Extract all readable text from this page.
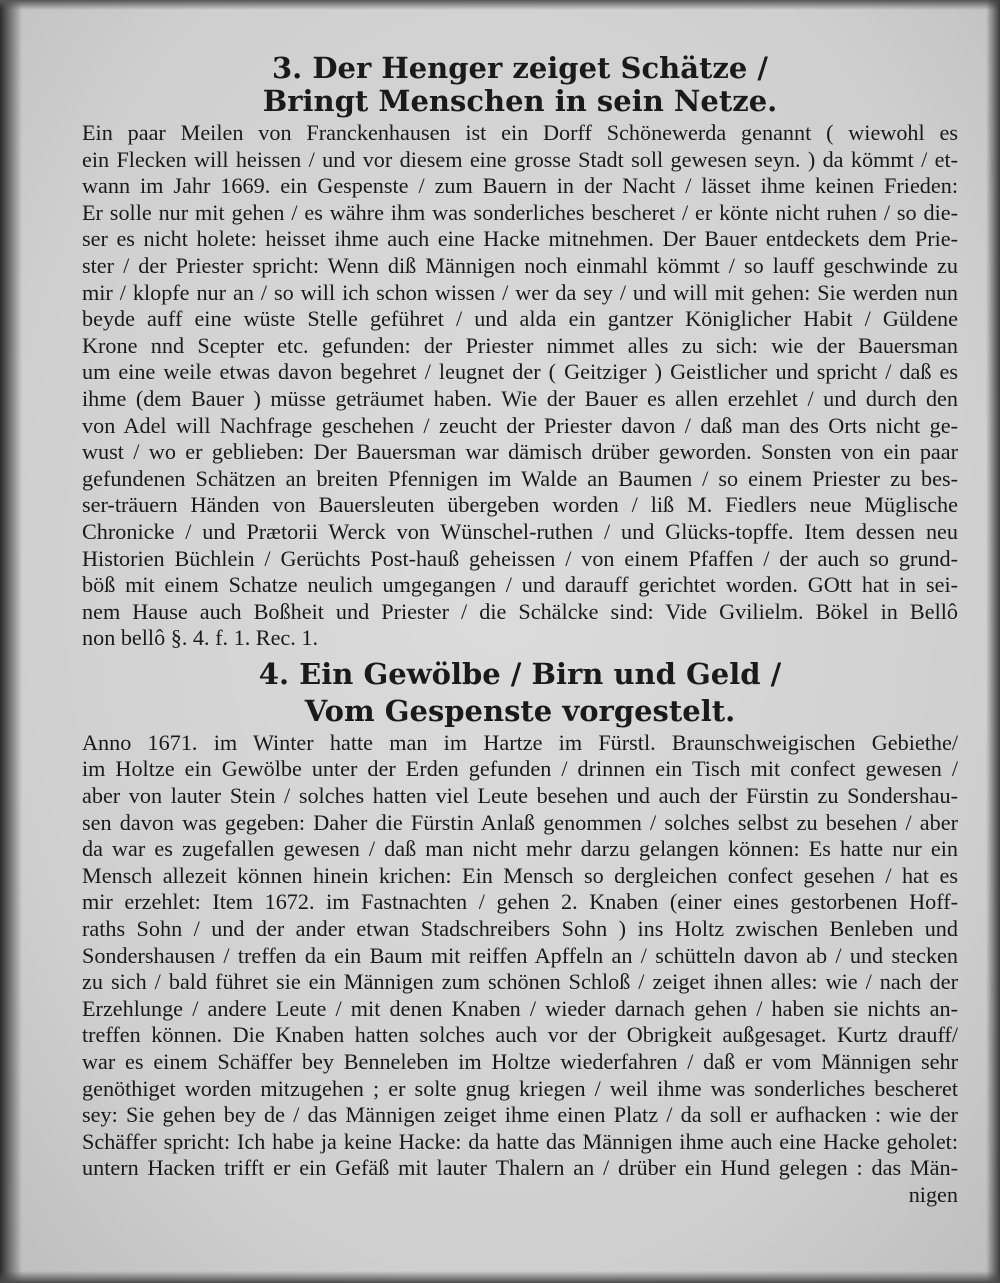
3. Der Henger zeiget Schätze /
Bringt Menschen in sein Netze.
Ein paar Meilen von Franckenhausen ist ein Dorff Schönewerda genannt ( wiewohl es
ein Flecken will heissen / und vor diesem eine grosse Stadt soll gewesen seyn. ) da kömmt / et-
wann im Jahr 1669. ein Gespenste / zum Bauern in der Nacht / lässet ihme keinen Frieden:
Er solle nur mit gehen / es währe ihm was sonderliches bescheret / er könte nicht ruhen / so die-
ser es nicht holete: heisset ihme auch eine Hacke mitnehmen. Der Bauer entdeckets dem Prie-
ster / der Priester spricht: Wenn diß Männigen noch einmahl kömmt / so lauff geschwinde zu
mir / klopfe nur an / so will ich schon wissen / wer da sey / und will mit gehen: Sie werden nun
beyde auff eine wüste Stelle geführet / und alda ein gantzer Königlicher Habit / Güldene
Krone nnd Scepter etc. gefunden: der Priester nimmet alles zu sich: wie der Bauersman
um eine weile etwas davon begehret / leugnet der ( Geitziger ) Geistlicher und spricht / daß es
ihme (dem Bauer ) müsse geträumet haben. Wie der Bauer es allen erzehlet / und durch den
von Adel will Nachfrage geschehen / zeucht der Priester davon / daß man des Orts nicht ge-
wust / wo er geblieben: Der Bauersman war dämisch drüber geworden. Sonsten von ein paar
gefundenen Schätzen an breiten Pfennigen im Walde an Baumen / so einem Priester zu bes-
ser-träuern Händen von Bauersleuten übergeben worden / liß M. Fiedlers neue Müglische
Chronicke / und Prætorii Werck von Wünschel-ruthen / und Glücks-topffe. Item dessen neu
Historien Büchlein / Gerüchts Post-hauß geheissen / von einem Pfaffen / der auch so grund-
böß mit einem Schatze neulich umgegangen / und darauff gerichtet worden. GOtt hat in sei-
nem Hause auch Boßheit und Priester / die Schälcke sind: Vide Gvilielm. Bökel in Bellô
non bellô §. 4. f. 1. Rec. 1.
4. Ein Gewölbe / Birn und Geld /
Vom Gespenste vorgestelt.
Anno 1671. im Winter hatte man im Hartze im Fürstl. Braunschweigischen Gebiethe/
im Holtze ein Gewölbe unter der Erden gefunden / drinnen ein Tisch mit confect gewesen /
aber von lauter Stein / solches hatten viel Leute besehen und auch der Fürstin zu Sondershau-
sen davon was gegeben: Daher die Fürstin Anlaß genommen / solches selbst zu besehen / aber
da war es zugefallen gewesen / daß man nicht mehr darzu gelangen können: Es hatte nur ein
Mensch allezeit können hinein krichen: Ein Mensch so dergleichen confect gesehen / hat es
mir erzehlet: Item 1672. im Fastnachten / gehen 2. Knaben (einer eines gestorbenen Hoff-
raths Sohn / und der ander etwan Stadschreibers Sohn ) ins Holtz zwischen Benleben und
Sondershausen / treffen da ein Baum mit reiffen Apffeln an / schütteln davon ab / und stecken
zu sich / bald führet sie ein Männigen zum schönen Schloß / zeiget ihnen alles: wie / nach der
Erzehlunge / andere Leute / mit denen Knaben / wieder darnach gehen / haben sie nichts an-
treffen können. Die Knaben hatten solches auch vor der Obrigkeit außgesaget. Kurtz drauff/
war es einem Schäffer bey Benneleben im Holtze wiederfahren / daß er vom Männigen sehr
genöthiget worden mitzugehen ; er solte gnug kriegen / weil ihme was sonderliches bescheret
sey: Sie gehen bey de / das Männigen zeiget ihme einen Platz / da soll er aufhacken : wie der
Schäffer spricht: Ich habe ja keine Hacke: da hatte das Männigen ihme auch eine Hacke geholet:
untern Hacken trifft er ein Gefäß mit lauter Thalern an / drüber ein Hund gelegen : das Män-
nigen
